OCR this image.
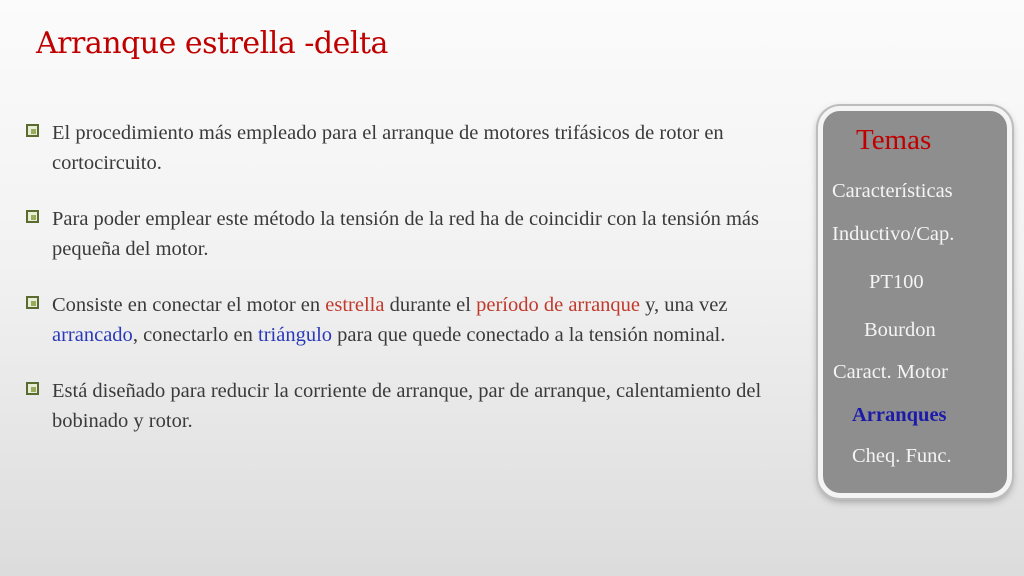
Arranque estrella -delta
El procedimiento más empleado para el arranque de motores trifásicos de rotor en cortocircuito.
Para poder emplear este método la tensión de la red ha de coincidir con la tensión más pequeña del motor.
Consiste en conectar el motor en estrella durante el período de arranque y, una vez arrancado, conectarlo en triángulo para que quede conectado a la tensión nominal.
Está diseñado para reducir la corriente de arranque, par de arranque, calentamiento del bobinado y rotor.
Temas
Características
Inductivo/Cap.
PT100
Bourdon
Caract. Motor
Arranques
Cheq. Func.
